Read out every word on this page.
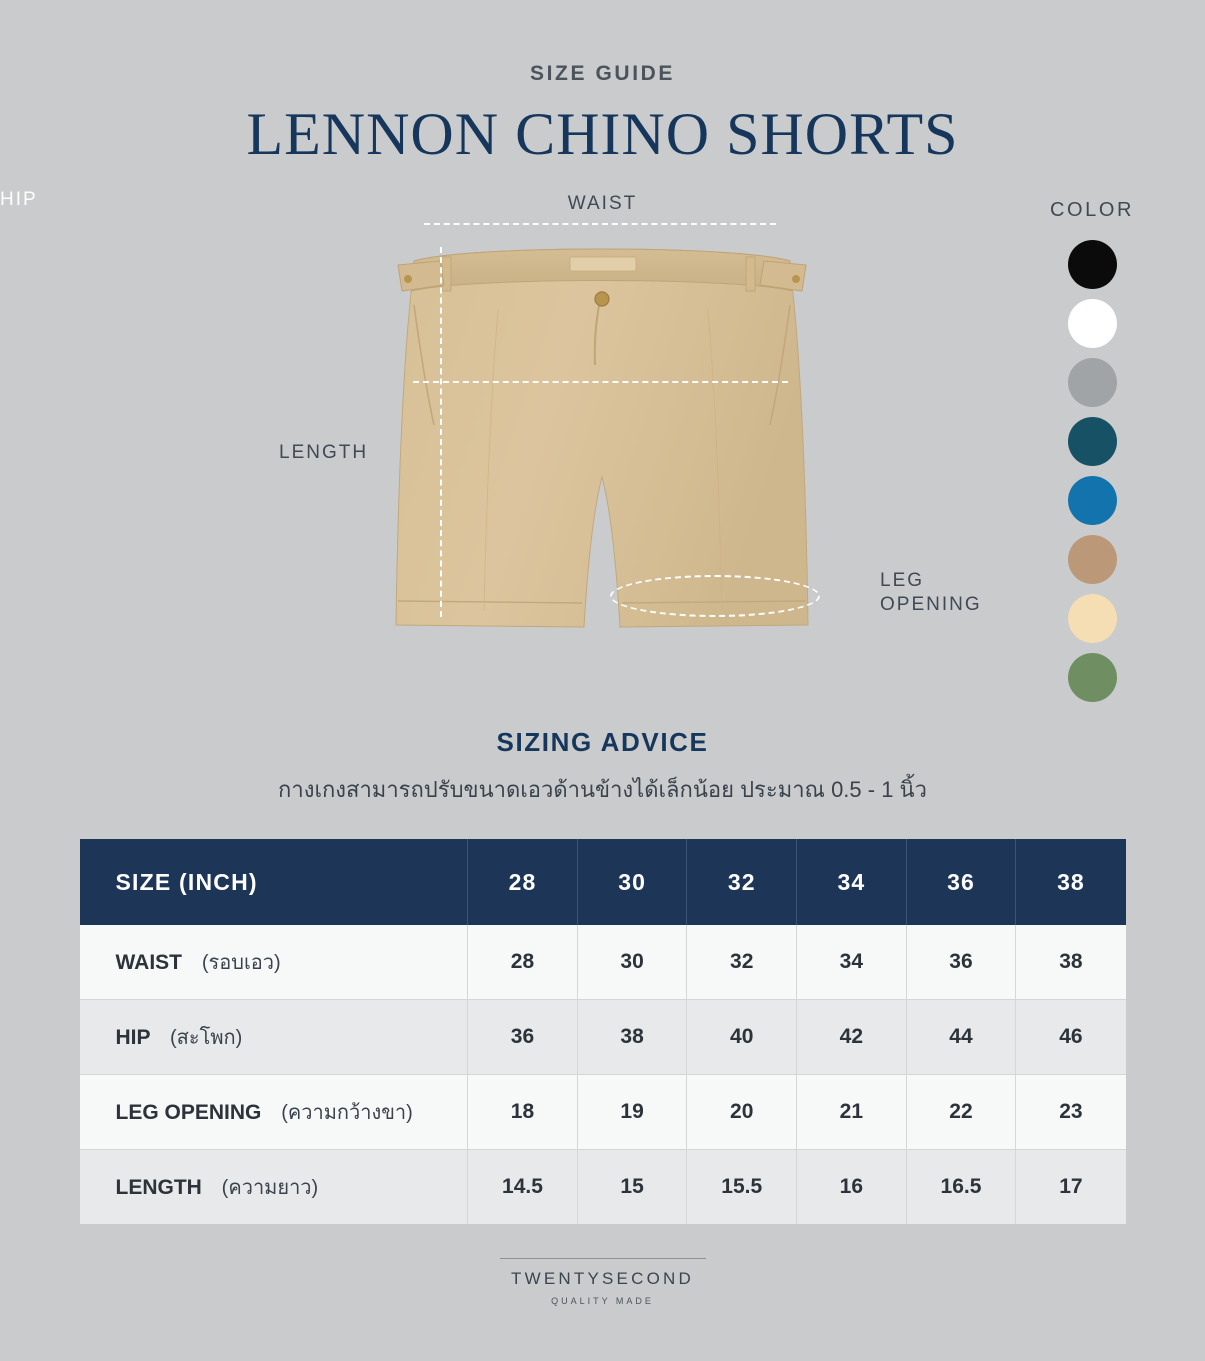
SIZE GUIDE
LENNON CHINO SHORTS
WAIST
LENGTH
HIP
LEG
OPENING
COLOR
SIZING ADVICE
กางเกงสามารถปรับขนาดเอวด้านข้างได้เล็กน้อย ประมาณ 0.5 - 1 นิ้ว
SIZE (INCH)	28	30	32	34	36	38
WAIST (รอบเอว)	28	30	32	34	36	38
HIP (สะโพก)	36	38	40	42	44	46
LEG OPENING (ความกว้างขา)	18	19	20	21	22	23
LENGTH (ความยาว)	14.5	15	15.5	16	16.5	17
TWENTYSECOND
QUALITY MADE
